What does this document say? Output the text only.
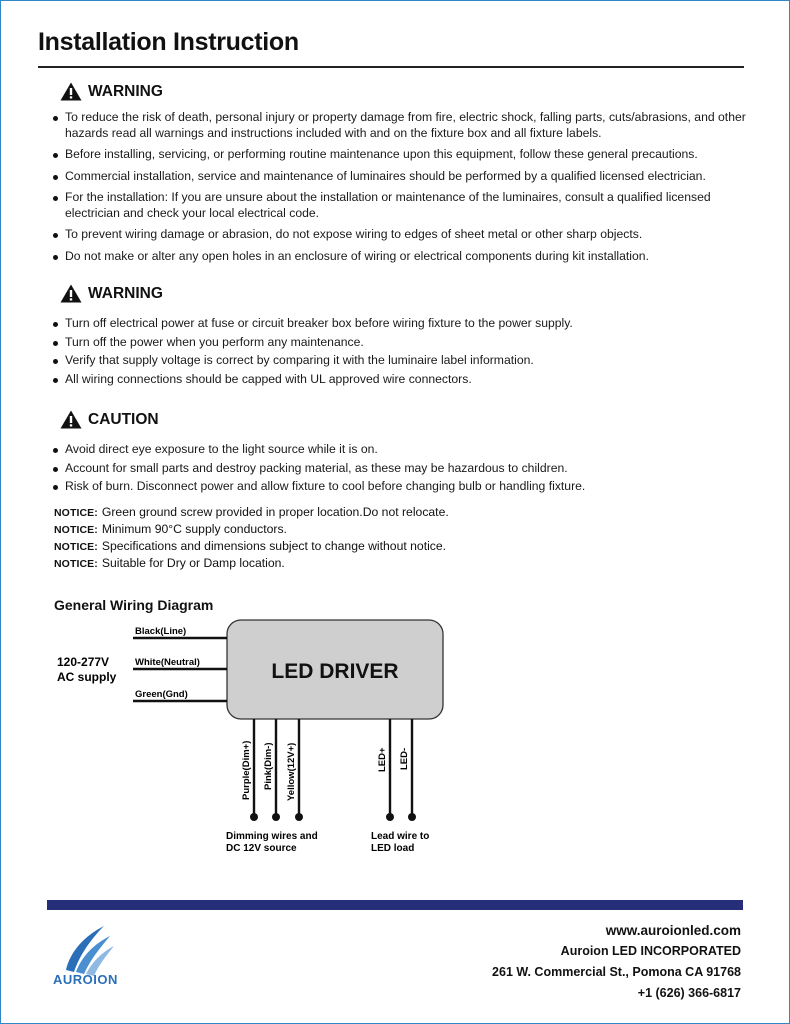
Installation Instruction
WARNING
To reduce the risk of death, personal injury or property damage from fire, electric shock, falling parts, cuts/abrasions, and other hazards read all warnings and instructions included with and on the fixture box and all fixture labels.
Before installing, servicing, or performing routine maintenance upon this equipment, follow these general precautions.
Commercial installation, service and maintenance of luminaires should be performed by a qualified licensed electrician.
For the installation: If you are unsure about the installation or maintenance of the luminaires, consult a qualified licensed electrician and check your local electrical code.
To prevent wiring damage or abrasion, do not expose wiring to edges of sheet metal or other sharp objects.
Do not make or alter any open holes in an enclosure of wiring or electrical components during kit installation.
WARNING
Turn off electrical power at fuse or circuit breaker box before wiring fixture to the power supply.
Turn off the power when you perform any maintenance.
Verify that supply voltage is correct by comparing it with the luminaire label information.
All wiring connections should be capped with UL approved wire connectors.
CAUTION
Avoid direct eye exposure to the light source while it is on.
Account for small parts and destroy packing material, as these may be hazardous to children.
Risk of burn. Disconnect power and allow fixture to cool before changing bulb or handling fixture.
NOTICE: Green ground screw provided in proper location.Do not relocate.
NOTICE: Minimum 90°C supply conductors.
NOTICE: Specifications and dimensions subject to change without notice.
NOTICE: Suitable for Dry or Damp location.
General Wiring Diagram
LED DRIVER
Black(Line)
White(Neutral)
Green(Gnd)
120-277V
AC supply
Purple(Dim+) Pink(Dim-) Yellow(12V+)	LED+ LED-
Dimming wires and
DC 12V source
Lead wire to
LED load
AUROION
www.auroionled.com
Auroion LED INCORPORATED
261 W. Commercial St., Pomona CA 91768
+1 (626) 366-6817
